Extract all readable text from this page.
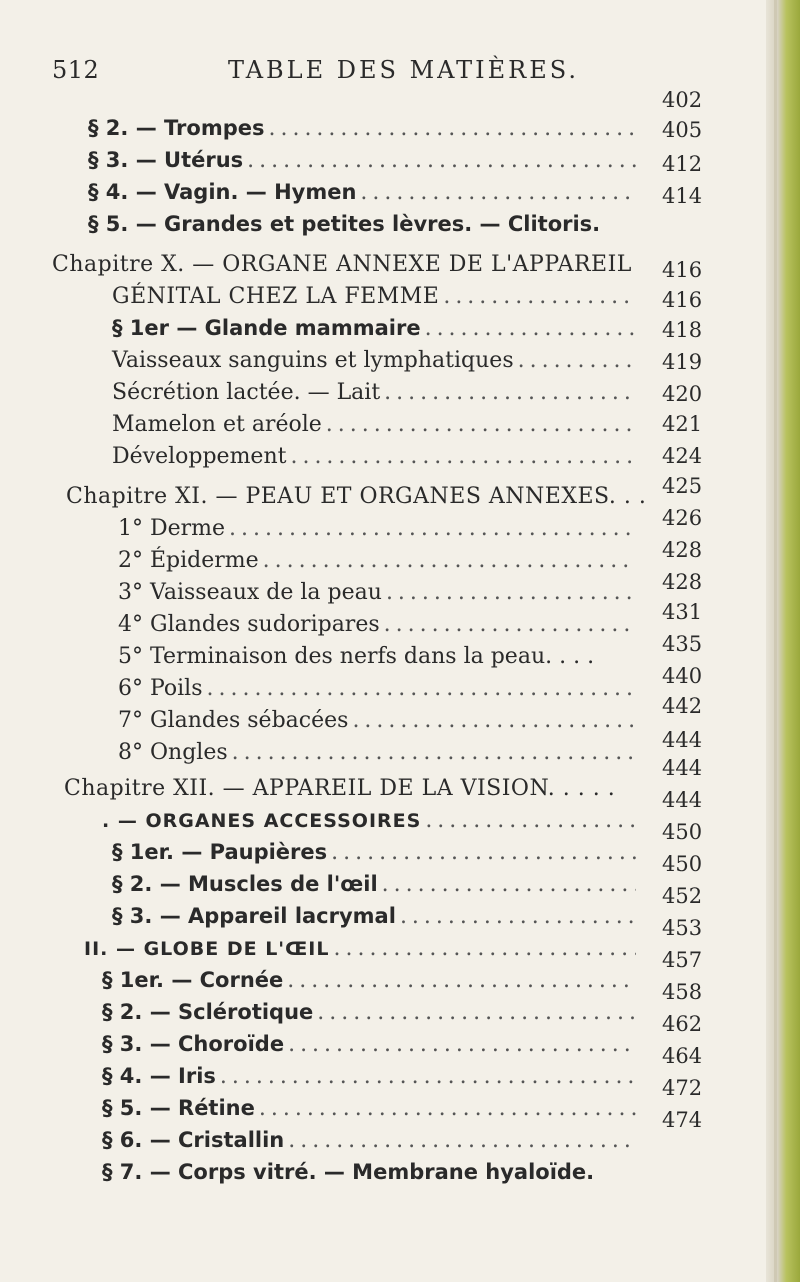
512	TABLE DES MATIÈRES.
§ 2. — Trompes
. . .
§ 3. — Utérus
. . .
§ 4. — Vagin. — Hymen
. . .
§ 5. — Grandes et petites lèvres. — Clitoris.
Chapitre X. — ORGANE ANNEXE DE L'APPAREIL
GÉNITAL CHEZ LA FEMME
. . .
§ 1er — Glande mammaire
. . .
Vaisseaux sanguins et lymphatiques
. . .
Sécrétion lactée. — Lait
. . .
Mamelon et aréole
. . .
Développement
. . .
Chapitre XI. — PEAU ET ORGANES ANNEXES. . .
1° Derme
. . .
2° Épiderme
. . .
3° Vaisseaux de la peau
. . .
4° Glandes sudoripares
. . .
5° Terminaison des nerfs dans la peau. . . .
6° Poils
. . .
7° Glandes sébacées
. . .
8° Ongles
. . .
Chapitre XII. — APPAREIL DE LA VISION. . . . .
. — ORGANES ACCESSOIRES
. . .
§ 1er. — Paupières
. . .
§ 2. — Muscles de l'œil
. . .
§ 3. — Appareil lacrymal
. . .
II. — GLOBE DE L'ŒIL
. . .
§ 1er. — Cornée
. . .
§ 2. — Sclérotique
. . .
§ 3. — Choroïde
. . .
§ 4. — Iris
. . .
§ 5. — Rétine
. . .
§ 6. — Cristallin
. . .
§ 7. — Corps vitré. — Membrane hyaloïde.
402
405
412
414
416
416
418
419
420
421
424
425
426
428
428
431
435
440
442
444
444
444
450
450
452
453
457
458
462
464
472
474
